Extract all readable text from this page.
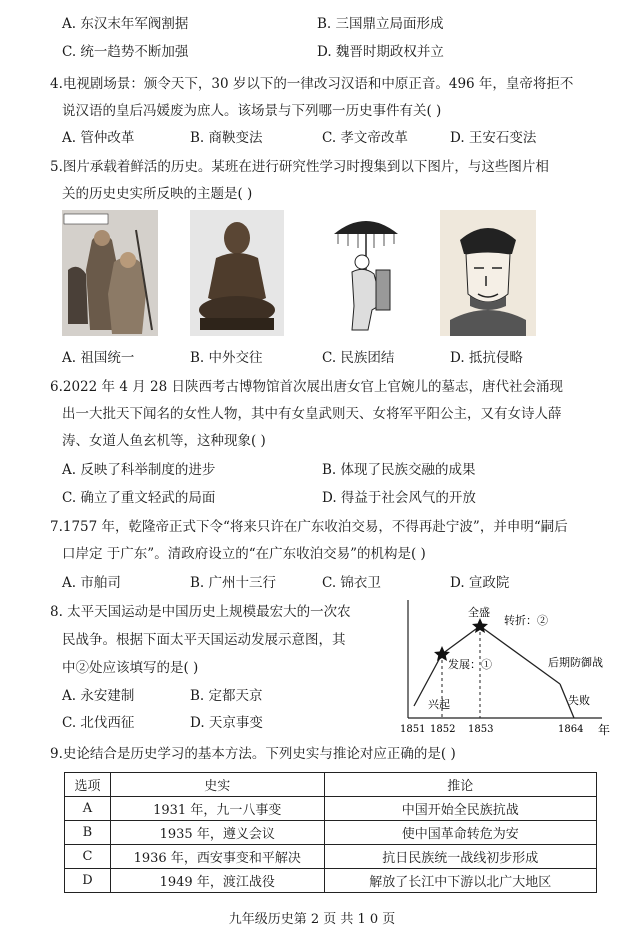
A. 东汉末年军阀割据	B. 三国鼎立局面形成
C. 统一趋势不断加强	D. 魏晋时期政权并立
4.电视剧场景：颁令天下，30 岁以下的一律改习汉语和中原正音。496 年，皇帝将拒不
说汉语的皇后冯媛废为庶人。该场景与下列哪一历史事件有关( )
A. 管仲改革	B. 商鞅变法	C. 孝文帝改革	D. 王安石变法
5.图片承载着鲜活的历史。某班在进行研究性学习时搜集到以下图片，与这些图片相
关的历史史实所反映的主题是( )
A. 祖国统一	B. 中外交往	C. 民族团结	D. 抵抗侵略
6.2022 年 4 月 28 日陕西考古博物馆首次展出唐女官上官婉儿的墓志，唐代社会涌现
出一大批天下闻名的女性人物，其中有女皇武则天、女将军平阳公主，又有女诗人薛
涛、女道人鱼玄机等，这种现象( )
A. 反映了科举制度的进步	B. 体现了民族交融的成果
C. 确立了重文轻武的局面	D. 得益于社会风气的开放
7.1757 年，乾隆帝正式下令“将来只许在广东收泊交易，不得再赴宁波”，并申明“嗣后
口岸定 于广东”。清政府设立的“在广东收泊交易”的机构是( )
A. 市舶司	B. 广州十三行	C. 锦衣卫	D. 宣政院
8. 太平天国运动是中国历史上规模最宏大的一次农
民战争。根据下面太平天国运动发展示意图，其
中②处应该填写的是( )
A. 永安建制	B. 定都天京
C. 北伐西征	D. 天京事变
兴起
发展：①
全盛
转折：②
后期防御战
失败
1851 1852 1853	1864 年
9.史论结合是历史学习的基本方法。下列史实与推论对应正确的是( )
选项	史实	推论
A	1931 年，九一八事变	中国开始全民族抗战
B	1935 年，遵义会议	使中国革命转危为安
C	1936 年，西安事变和平解决	抗日民族统一战线初步形成
D	1949 年，渡江战役	解放了长江中下游以北广大地区
九年级历史第 2 页 共 1 0 页
